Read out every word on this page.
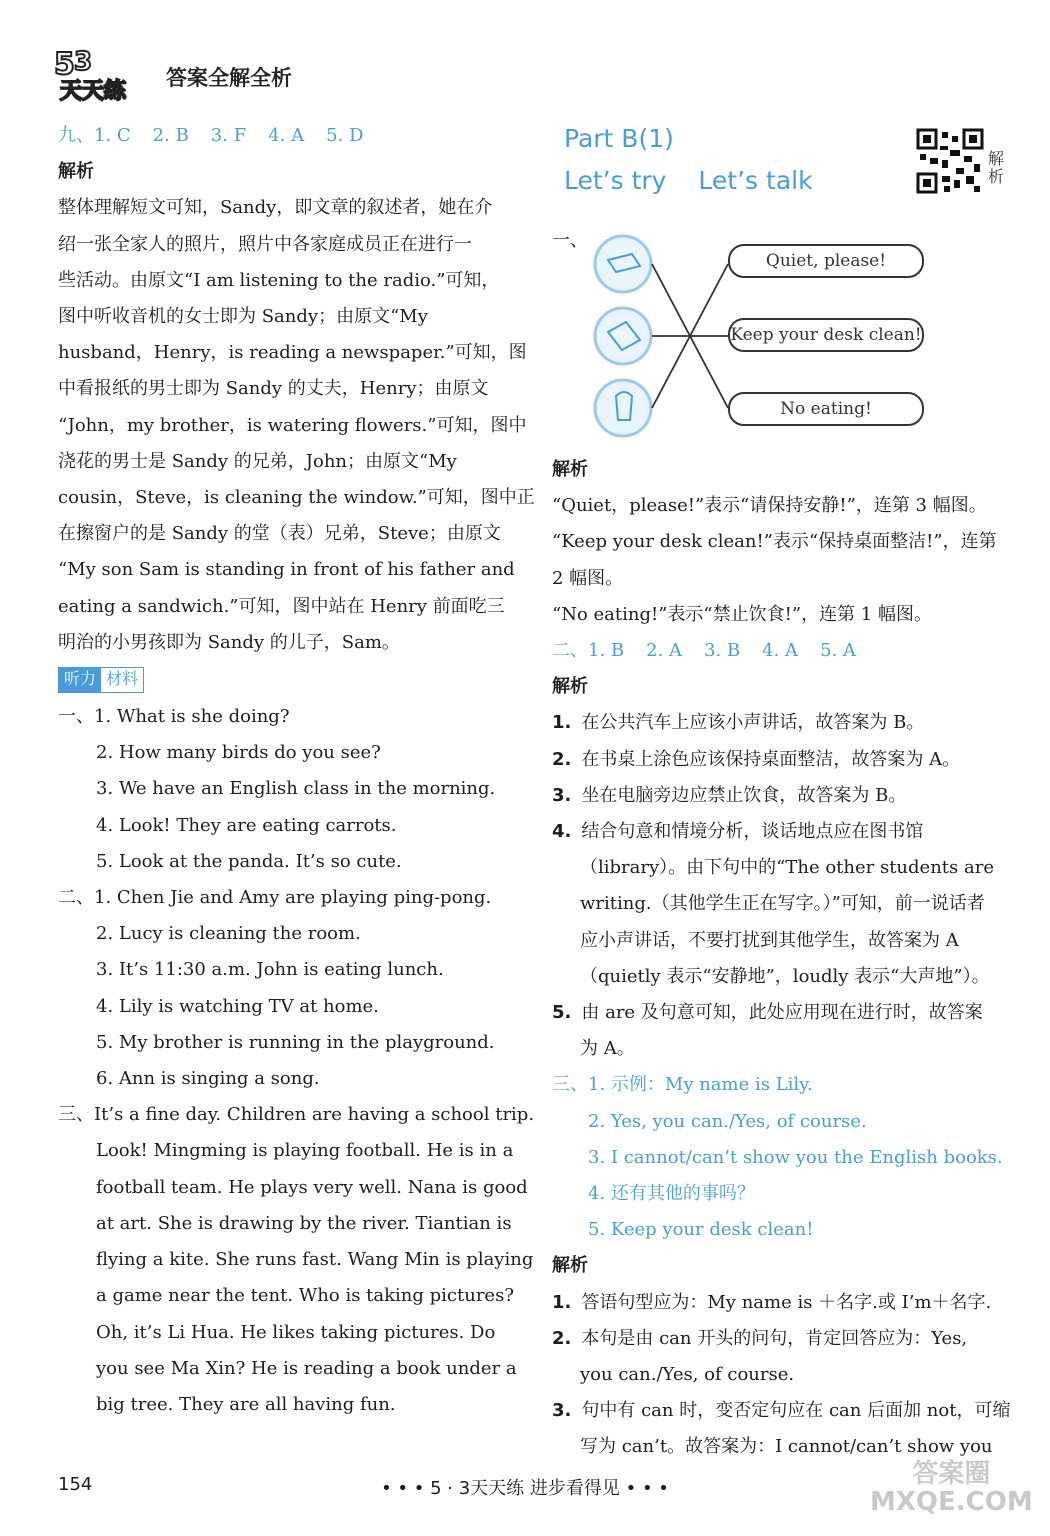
5 3
天天练
答案全解全析
九、 1. C 2. B 3. F 4. A 5. D
解析
整体理解短文可知，Sandy，即文章的叙述者，她在介
绍一张全家人的照片，照片中各家庭成员正在进行一
些活动。由原文“I am listening to the radio.”可知，
图中听收音机的女士即为 Sandy；由原文“My
husband，Henry，is reading a newspaper.”可知，图
中看报纸的男士即为 Sandy 的丈夫，Henry；由原文
“John，my brother，is watering flowers.”可知，图中
浇花的男士是 Sandy 的兄弟，John；由原文“My
cousin，Steve，is cleaning the window.”可知，图中正
在擦窗户的是 Sandy 的堂（表）兄弟，Steve；由原文
“My son Sam is standing in front of his father and
eating a sandwich.”可知，图中站在 Henry 前面吃三
明治的小男孩即为 Sandy 的儿子，Sam。
听力 材料
一、1. What is she doing?
2. How many birds do you see?
3. We have an English class in the morning.
4. Look! They are eating carrots.
5. Look at the panda. It’s so cute.
二、1. Chen Jie and Amy are playing ping-pong.
2. Lucy is cleaning the room.
3. It’s 11:30 a.m. John is eating lunch.
4. Lily is watching TV at home.
5. My brother is running in the playground.
6. Ann is singing a song.
三、It’s a fine day. Children are having a school trip.
Look! Mingming is playing football. He is in a
football team. He plays very well. Nana is good
at art. She is drawing by the river. Tiantian is
flying a kite. She runs fast. Wang Min is playing
a game near the tent. Who is taking pictures?
Oh, it’s Li Hua. He likes taking pictures. Do
you see Ma Xin? He is reading a book under a
big tree. They are all having fun.
Part B(1)
Let’s try Let’s talk
解析
一、
Quiet, please!
Keep your desk clean!
No eating!
解析
“Quiet，please!”表示“请保持安静!”，连第 3 幅图。
“Keep your desk clean!”表示“保持桌面整洁!”，连第
2 幅图。
“No eating!”表示“禁止饮食!”，连第 1 幅图。
二、 1. B 2. A 3. B 4. A 5. A
解析
1. 在公共汽车上应该小声讲话，故答案为 B。
2. 在书桌上涂色应该保持桌面整洁，故答案为 A。
3. 坐在电脑旁边应禁止饮食，故答案为 B。
4. 结合句意和情境分析，谈话地点应在图书馆
（library）。由下句中的“The other students are
writing.（其他学生正在写字。）”可知，前一说话者
应小声讲话，不要打扰到其他学生，故答案为 A
（quietly 表示“安静地”，loudly 表示“大声地”）。
5. 由 are 及句意可知，此处应用现在进行时，故答案
为 A。
三、1. 示例：My name is Lily.
2. Yes, you can./Yes, of course.
3. I cannot/can’t show you the English books.
4. 还有其他的事吗？
5. Keep your desk clean!
解析
1. 答语句型应为：My name is ＋名字.或 I’m＋名字.
2. 本句是由 can 开头的问句，肯定回答应为：Yes,
you can./Yes, of course.
3. 句中有 can 时，变否定句应在 can 后面加 not，可缩
写为 can’t。故答案为：I cannot/can’t show you
154	• • • 5 · 3天天练 进步看得见 • • •	答案圈
MXQE.COM
